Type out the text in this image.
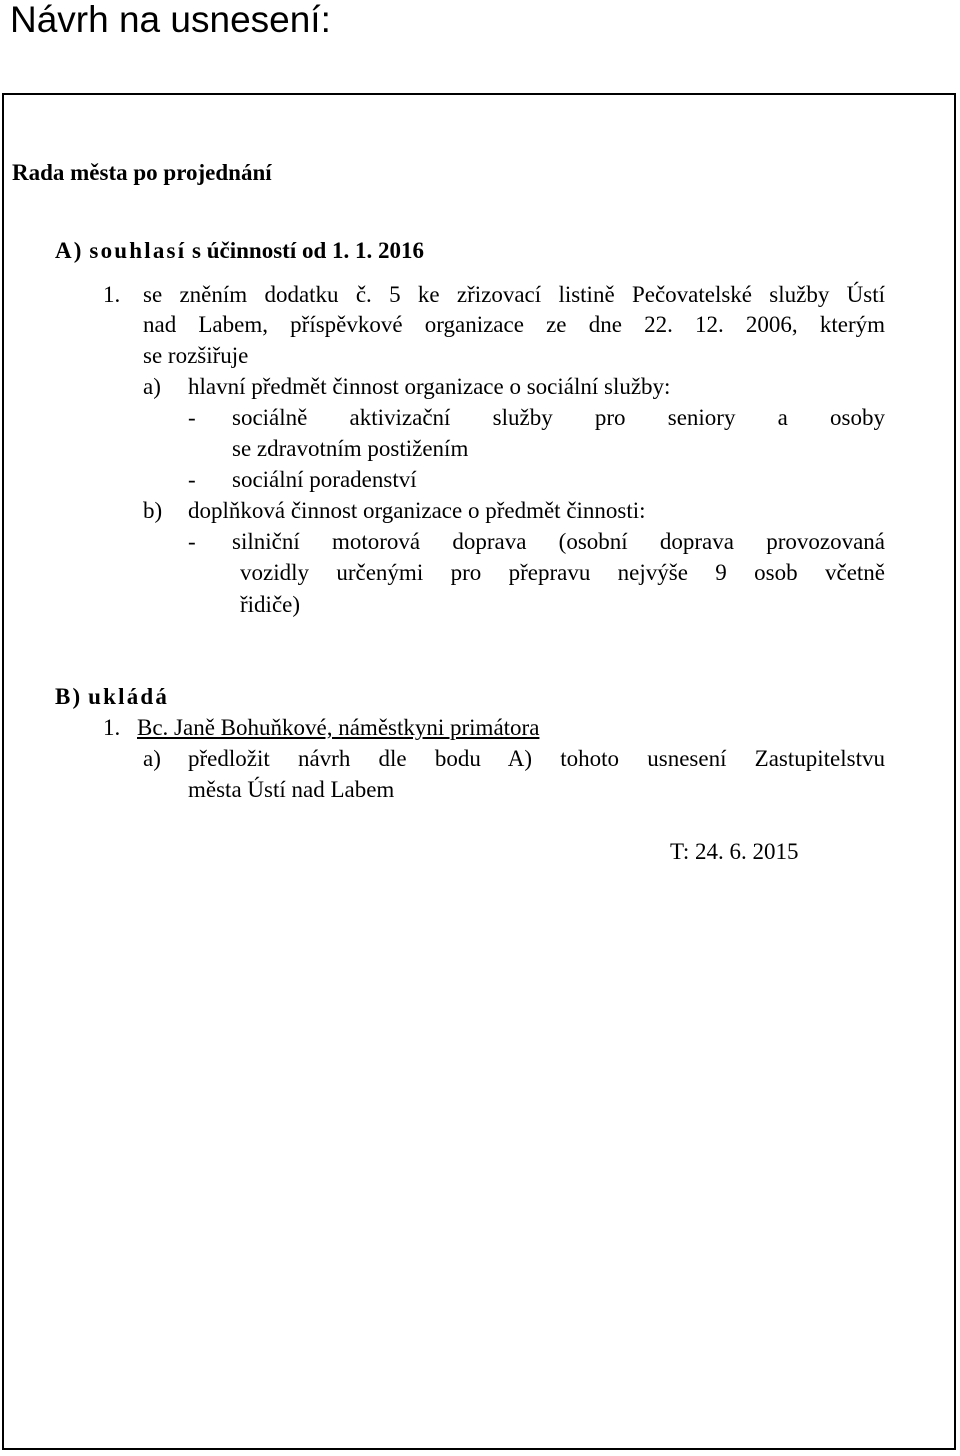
Návrh na usnesení:
Rada města po projednání
A) souhlasí s účinností od 1. 1. 2016
1. se zněním dodatku č. 5 ke zřizovací listině Pečovatelské služby Ústí
nad Labem, příspěvkové organizace ze dne 22. 12. 2006, kterým
se rozšiřuje
a) hlavní předmět činnost organizace o sociální služby:
- sociálně aktivizační služby pro seniory a osoby
se zdravotním postižením
- sociální poradenství
b) doplňková činnost organizace o předmět činnosti:
- silniční motorová doprava (osobní doprava provozovaná
vozidly určenými pro přepravu nejvýše 9 osob včetně
řidiče)
B) ukládá
1. Bc. Janě Bohuňkové, náměstkyni primátora
a) předložit návrh dle bodu A) tohoto usnesení Zastupitelstvu
města Ústí nad Labem
T: 24. 6. 2015
